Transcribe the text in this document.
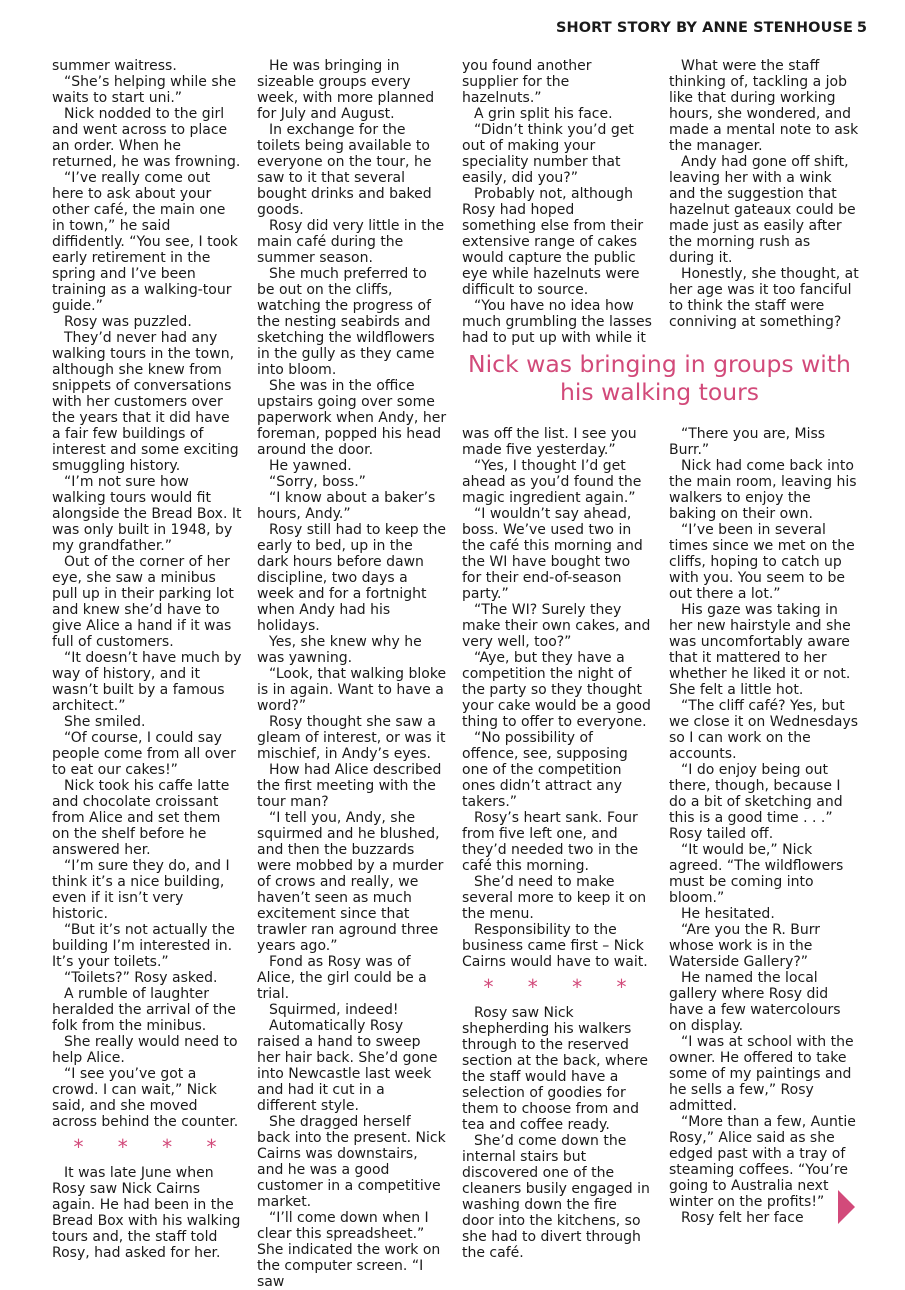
SHORT STORY BY ANNE STENHOUSE 5

summer waitress.

“She’s helping while she waits to start uni.”

Nick nodded to the girl and went across to place an order. When he returned, he was frowning.

“I’ve really come out here to ask about your other café, the main one in town,” he said diffidently. “You see, I took early retirement in the spring and I’ve been training as a walking-tour guide.”

Rosy was puzzled.

They’d never had any walking tours in the town, although she knew from snippets of conversations with her customers over the years that it did have a fair few buildings of interest and some exciting smuggling history.

“I’m not sure how walking tours would fit alongside the Bread Box. It was only built in 1948, by my grandfather.”

Out of the corner of her eye, she saw a minibus pull up in their parking lot and knew she’d have to give Alice a hand if it was full of customers.

“It doesn’t have much by way of history, and it wasn’t built by a famous architect.”

She smiled.

“Of course, I could say people come from all over to eat our cakes!”

Nick took his caffe latte and chocolate croissant from Alice and set them on the shelf before he answered her.

“I’m sure they do, and I think it’s a nice building, even if it isn’t very historic.

“But it’s not actually the building I’m interested in. It’s your toilets.”

“Toilets?” Rosy asked.

A rumble of laughter heralded the arrival of the folk from the minibus.

She really would need to help Alice.

“I see you’ve got a crowd. I can wait,” Nick said, and she moved across behind the counter.

* * * *

It was late June when Rosy saw Nick Cairns again. He had been in the Bread Box with his walking tours and, the staff told Rosy, had asked for her.

He was bringing in sizeable groups every week, with more planned for July and August.

In exchange for the toilets being available to everyone on the tour, he saw to it that several bought drinks and baked goods.

Rosy did very little in the main café during the summer season.

She much preferred to be out on the cliffs, watching the progress of the nesting seabirds and sketching the wildflowers in the gully as they came into bloom.

She was in the office upstairs going over some paperwork when Andy, her foreman, popped his head around the door.

He yawned.

“Sorry, boss.”

“I know about a baker’s hours, Andy.”

Rosy still had to keep the early to bed, up in the dark hours before dawn discipline, two days a week and for a fortnight when Andy had his holidays.

Yes, she knew why he was yawning.

“Look, that walking bloke is in again. Want to have a word?”

Rosy thought she saw a gleam of interest, or was it mischief, in Andy’s eyes.

How had Alice described the first meeting with the tour man?

“I tell you, Andy, she squirmed and he blushed, and then the buzzards were mobbed by a murder of crows and really, we haven’t seen as much excitement since that trawler ran aground three years ago.”

Fond as Rosy was of Alice, the girl could be a trial.

Squirmed, indeed!

Automatically Rosy raised a hand to sweep her hair back. She’d gone into Newcastle last week and had it cut in a different style.

She dragged herself back into the present. Nick Cairns was downstairs, and he was a good customer in a competitive market.

“I’ll come down when I clear this spreadsheet.” She indicated the work on the computer screen. “I saw

you found another supplier for the hazelnuts.”

A grin split his face.

“Didn’t think you’d get out of making your speciality number that easily, did you?”

Probably not, although Rosy had hoped something else from their extensive range of cakes would capture the public eye while hazelnuts were difficult to source.

“You have no idea how much grumbling the lasses had to put up with while it

What were the staff thinking of, tackling a job like that during working hours, she wondered, and made a mental note to ask the manager.

Andy had gone off shift, leaving her with a wink and the suggestion that hazelnut gateaux could be made just as easily after the morning rush as during it.

Honestly, she thought, at her age was it too fanciful to think the staff were conniving at something?

Nick was bringing in groups with his walking tours

was off the list. I see you made five yesterday.”

“Yes, I thought I’d get ahead as you’d found the magic ingredient again.”

“I wouldn’t say ahead, boss. We’ve used two in the café this morning and the WI have bought two for their end-of-season party.”

“The WI? Surely they make their own cakes, and very well, too?”

“Aye, but they have a competition the night of the party so they thought your cake would be a good thing to offer to everyone.

“No possibility of offence, see, supposing one of the competition ones didn’t attract any takers.”

Rosy’s heart sank. Four from five left one, and they’d needed two in the café this morning.

She’d need to make several more to keep it on the menu.

Responsibility to the business came first – Nick Cairns would have to wait.

* * * *

Rosy saw Nick shepherding his walkers through to the reserved section at the back, where the staff would have a selection of goodies for them to choose from and tea and coffee ready.

She’d come down the internal stairs but discovered one of the cleaners busily engaged in washing down the fire door into the kitchens, so she had to divert through the café.

“There you are, Miss Burr.”

Nick had come back into the main room, leaving his walkers to enjoy the baking on their own.

“I’ve been in several times since we met on the cliffs, hoping to catch up with you. You seem to be out there a lot.”

His gaze was taking in her new hairstyle and she was uncomfortably aware that it mattered to her whether he liked it or not. She felt a little hot.

“The cliff café? Yes, but we close it on Wednesdays so I can work on the accounts.

“I do enjoy being out there, though, because I do a bit of sketching and this is a good time . . .” Rosy tailed off.

“It would be,” Nick agreed. “The wildflowers must be coming into bloom.”

He hesitated.

“Are you the R. Burr whose work is in the Waterside Gallery?”

He named the local gallery where Rosy did have a few watercolours on display.

“I was at school with the owner. He offered to take some of my paintings and he sells a few,” Rosy admitted.

“More than a few, Auntie Rosy,” Alice said as she edged past with a tray of steaming coffees. “You’re going to Australia next winter on the profits!”

Rosy felt her face
